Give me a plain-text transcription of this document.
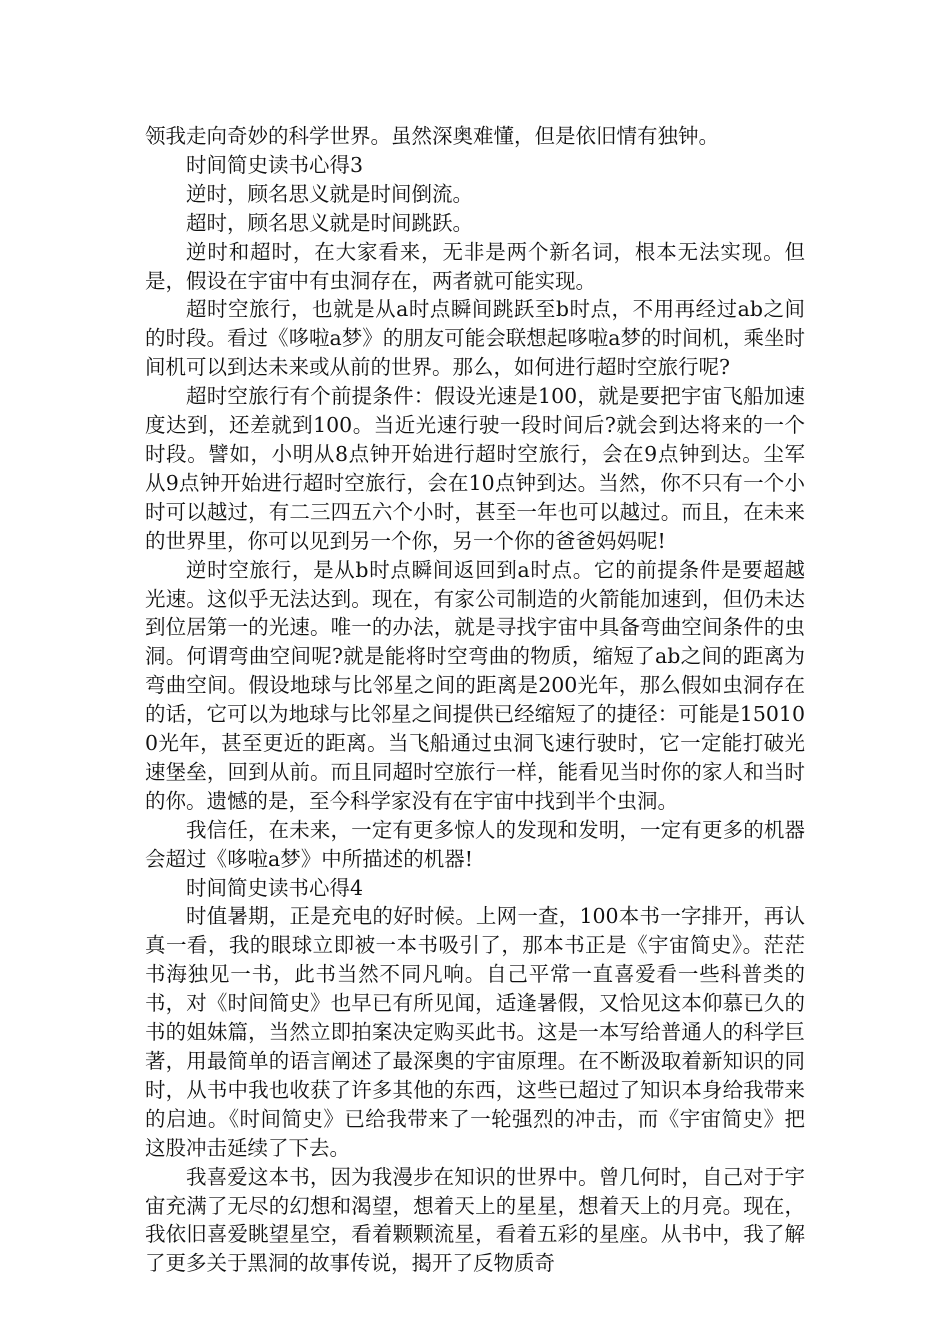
领我走向奇妙的科学世界。虽然深奥难懂，但是依旧情有独钟。

时间简史读书心得3

逆时，顾名思义就是时间倒流。

超时，顾名思义就是时间跳跃。

逆时和超时，在大家看来，无非是两个新名词，根本无法实现。但是，假设在宇宙中有虫洞存在，两者就可能实现。

超时空旅行，也就是从a时点瞬间跳跃至b时点，不用再经过ab之间的时段。看过《哆啦a梦》的朋友可能会联想起哆啦a梦的时间机，乘坐时间机可以到达未来或从前的世界。那么，如何进行超时空旅行呢?

超时空旅行有个前提条件：假设光速是100，就是要把宇宙飞船加速度达到，还差就到100。当近光速行驶一段时间后?就会到达将来的一个时段。譬如，小明从8点钟开始进行超时空旅行，会在9点钟到达。尘军从9点钟开始进行超时空旅行，会在10点钟到达。当然，你不只有一个小时可以越过，有二三四五六个小时，甚至一年也可以越过。而且，在未来的世界里，你可以见到另一个你，另一个你的爸爸妈妈呢!

逆时空旅行，是从b时点瞬间返回到a时点。它的前提条件是要超越光速。这似乎无法达到。现在，有家公司制造的火箭能加速到，但仍未达到位居第一的光速。唯一的办法，就是寻找宇宙中具备弯曲空间条件的虫洞。何谓弯曲空间呢?就是能将时空弯曲的物质，缩短了ab之间的距离为弯曲空间。假设地球与比邻星之间的距离是200光年，那么假如虫洞存在的话，它可以为地球与比邻星之间提供已经缩短了的捷径：可能是150100光年，甚至更近的距离。当飞船通过虫洞飞速行驶时，它一定能打破光速堡垒，回到从前。而且同超时空旅行一样，能看见当时你的家人和当时的你。遗憾的是，至今科学家没有在宇宙中找到半个虫洞。

我信任，在未来，一定有更多惊人的发现和发明，一定有更多的机器会超过《哆啦a梦》中所描述的机器!

时间简史读书心得4

时值暑期，正是充电的好时候。上网一查，100本书一字排开，再认真一看，我的眼球立即被一本书吸引了，那本书正是《宇宙简史》。茫茫书海独见一书，此书当然不同凡响。自己平常一直喜爱看一些科普类的书，对《时间简史》也早已有所见闻，适逢暑假，又恰见这本仰慕已久的书的姐妹篇，当然立即拍案决定购买此书。这是一本写给普通人的科学巨著，用最简单的语言阐述了最深奥的宇宙原理。在不断汲取着新知识的同时，从书中我也收获了许多其他的东西，这些已超过了知识本身给我带来的启迪。《时间简史》已给我带来了一轮强烈的冲击，而《宇宙简史》把这股冲击延续了下去。

我喜爱这本书，因为我漫步在知识的世界中。曾几何时，自己对于宇宙充满了无尽的幻想和渴望，想着天上的星星，想着天上的月亮。现在，我依旧喜爱眺望星空，看着颗颗流星，看着五彩的星座。从书中，我了解了更多关于黑洞的故事传说，揭开了反物质奇
